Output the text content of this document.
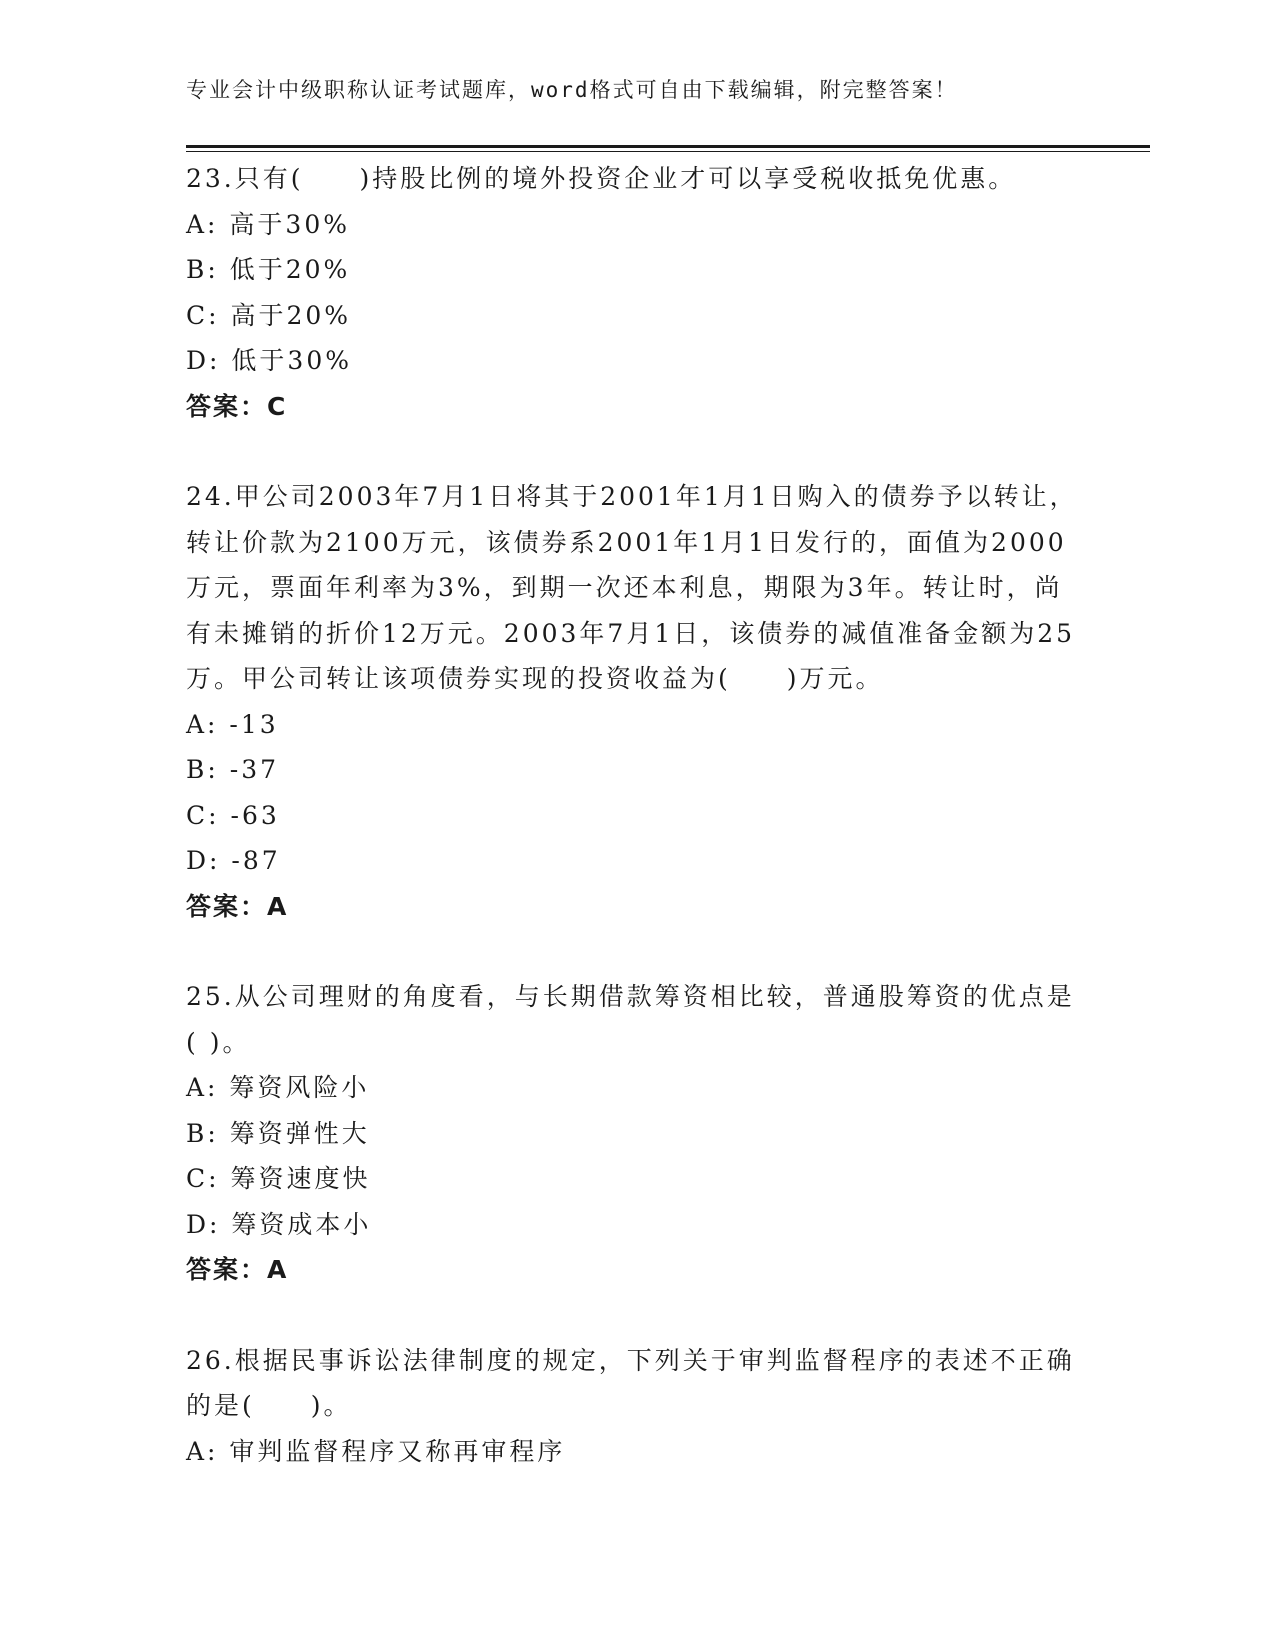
专业会计中级职称认证考试题库，word格式可自由下载编辑，附完整答案！

23.只有(　　)持股比例的境外投资企业才可以享受税收抵免优惠。

A: 高于30%

B: 低于20%

C: 高于20%

D: 低于30%

答案：C

24.甲公司2003年7月1日将其于2001年1月1日购入的债券予以转让，转让价款为2100万元，该债券系2001年1月1日发行的，面值为2000万元，票面年利率为3%，到期一次还本利息，期限为3年。转让时，尚有未摊销的折价12万元。2003年7月1日，该债券的减值准备金额为25万。甲公司转让该项债券实现的投资收益为(　　)万元。

A: -13

B: -37

C: -63

D: -87

答案：A

25.从公司理财的角度看，与长期借款筹资相比较，普通股筹资的优点是( )。

A: 筹资风险小

B: 筹资弹性大

C: 筹资速度快

D: 筹资成本小

答案：A

26.根据民事诉讼法律制度的规定，下列关于审判监督程序的表述不正确的是(　　)。

A: 审判监督程序又称再审程序
